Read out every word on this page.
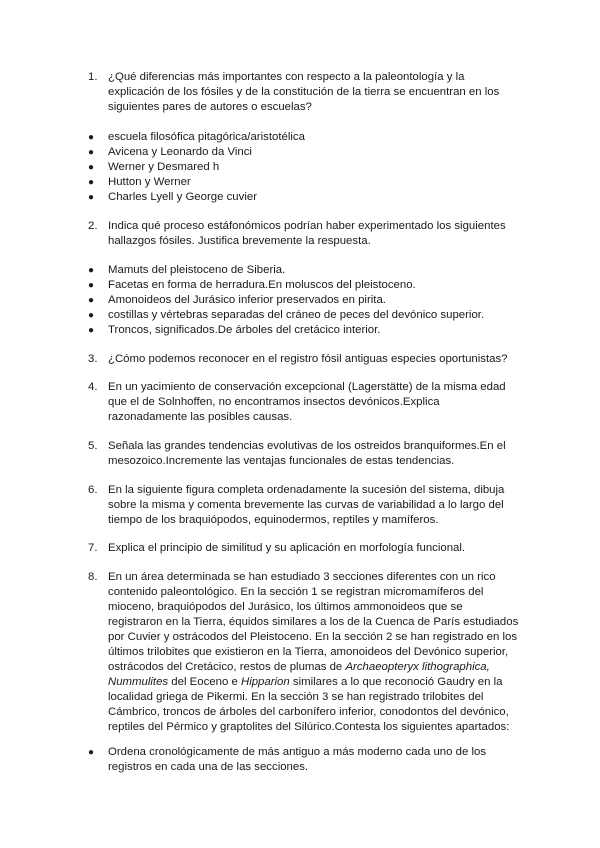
1. ¿Qué diferencias más importantes con respecto a la paleontología y la explicación de los fósiles y de la constitución de la tierra se encuentran en los siguientes pares de autores o escuelas?

●	escuela filosófica pitagórica/aristotélica
●	Avicena y Leonardo da Vinci
●	Werner y Desmared h
●	Hutton y Werner
●	Charles Lyell y George cuvier
2. Indica qué proceso estáfonómicos podrían haber experimentado los siguientes hallazgos fósiles. Justifica brevemente la respuesta.

●	Mamuts del pleistoceno de Siberia.
●	Facetas en forma de herradura.En moluscos del pleistoceno.
●	Amonoideos del Jurásico inferior preservados en pirita.
●	costillas y vértebras separadas del cráneo de peces del devónico superior.
●	Troncos, significados.De árboles del cretácico interior.
3. ¿Cómo podemos reconocer en el registro fósil antiguas especies oportunistas?

4. En un yacimiento de conservación excepcional (Lagerstätte) de la misma edad que el de Solnhoffen, no encontramos insectos devónicos.Explica razonadamente las posibles causas.

5. Señala las grandes tendencias evolutivas de los ostreidos branquiformes.En el mesozoico.Incremente las ventajas funcionales de estas tendencias.

6. En la siguiente figura completa ordenadamente la sucesión del sistema, dibuja sobre la misma y comenta brevemente las curvas de variabilidad a lo largo del tiempo de los braquiópodos, equinodermos, reptiles y mamíferos.

7. Explica el principio de similitud y su aplicación en morfología funcional.

8. En un área determinada se han estudiado 3 secciones diferentes con un rico contenido paleontológico. En la sección 1 se registran micromamíferos del mioceno, braquiópodos del Jurásico, los últimos ammonoideos que se registraron en la Tierra, équidos similares a los de la Cuenca de París estudiados por Cuvier y ostrácodos del Pleistoceno. En la sección 2 se han registrado en los últimos trilobites que existieron en la Tierra, amonoideos del Devónico superior, ostrácodos del Cretácico, restos de plumas de Archaeopteryx lithographica, Nummulites del Eoceno e Hipparion similares a lo que reconoció Gaudry en la localidad griega de Pikermi. En la sección 3 se han registrado trilobites del Cámbrico, troncos de árboles del carbonífero inferior, conodontos del devónico, reptiles del Pérmico y graptolites del Silúrico.Contesta los siguientes apartados:

●	Ordena cronológicamente de más antiguo a más moderno cada uno de los registros en cada una de las secciones.
